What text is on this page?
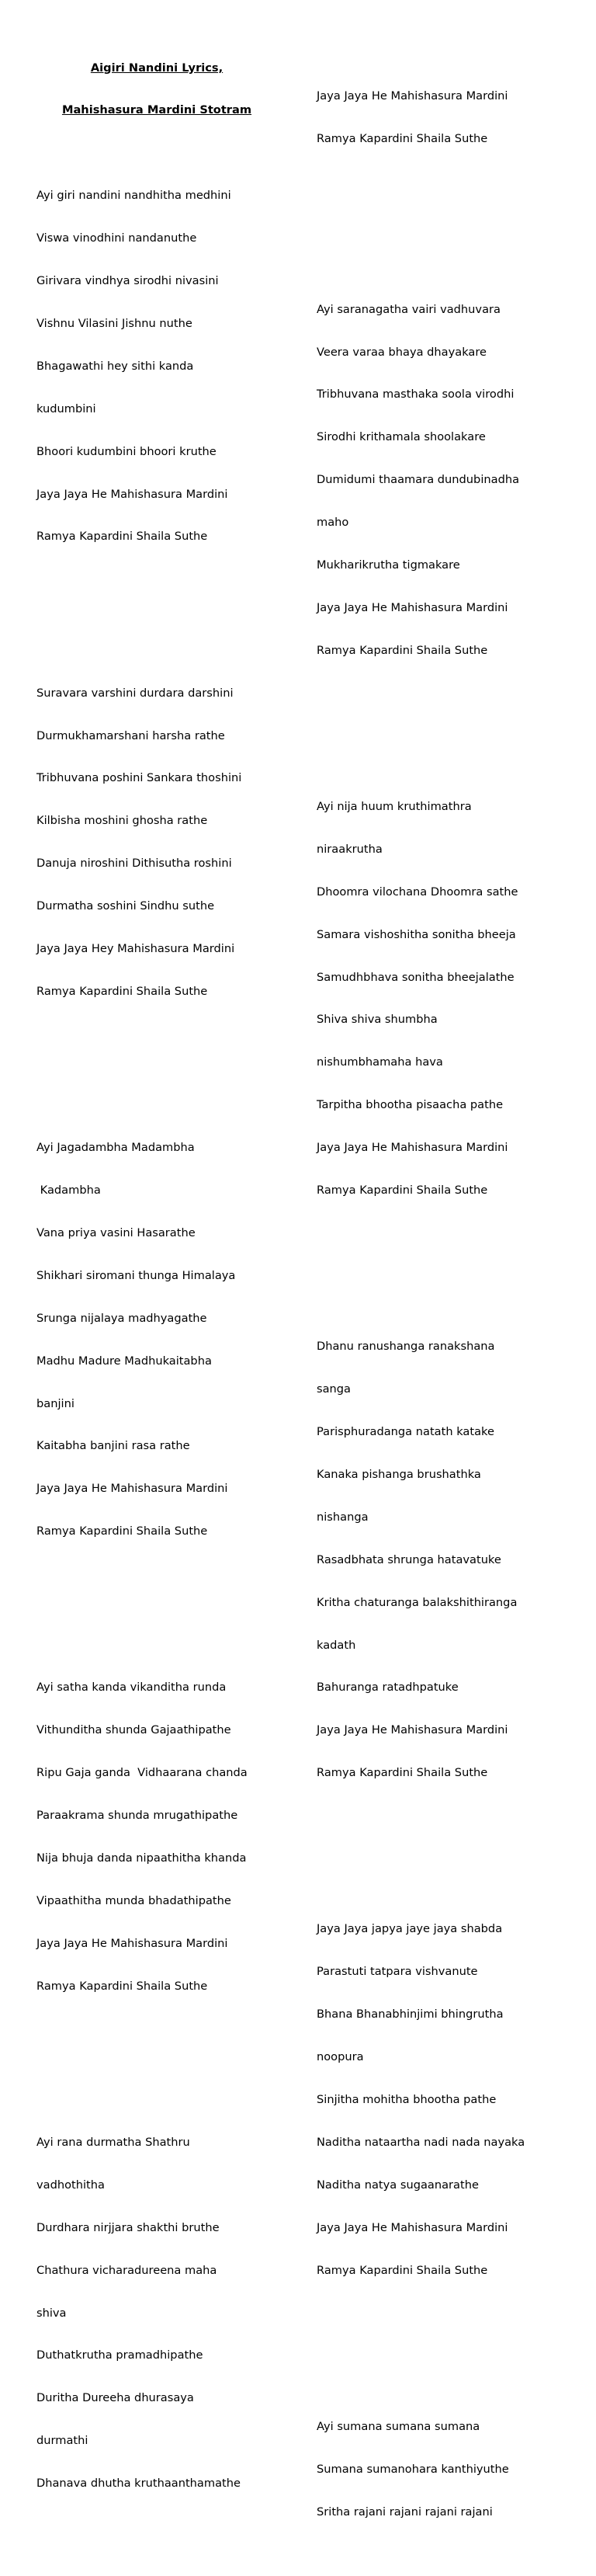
Aigiri Nandini Lyrics,

Mahishasura Mardini Stotram

Ayi giri nandini nandhitha medhini

Viswa vinodhini nandanuthe

Girivara vindhya sirodhi nivasini

Vishnu Vilasini Jishnu nuthe

Bhagawathi hey sithi kanda

kudumbini

Bhoori kudumbini bhoori kruthe

Jaya Jaya He Mahishasura Mardini

Ramya Kapardini Shaila Suthe

Suravara varshini durdara darshini

Durmukhamarshani harsha rathe

Tribhuvana poshini Sankara thoshini

Kilbisha moshini ghosha rathe

Danuja niroshini Dithisutha roshini

Durmatha soshini Sindhu suthe

Jaya Jaya Hey Mahishasura Mardini

Ramya Kapardini Shaila Suthe

Ayi Jagadambha Madambha

Kadambha

Vana priya vasini Hasarathe

Shikhari siromani thunga Himalaya

Srunga nijalaya madhyagathe

Madhu Madure Madhukaitabha

banjini

Kaitabha banjini rasa rathe

Jaya Jaya He Mahishasura Mardini

Ramya Kapardini Shaila Suthe

Ayi satha kanda vikanditha runda

Vithunditha shunda Gajaathipathe

Ripu Gaja ganda  Vidhaarana chanda

Paraakrama shunda mrugathipathe

Nija bhuja danda nipaathitha khanda

Vipaathitha munda bhadathipathe

Jaya Jaya He Mahishasura Mardini

Ramya Kapardini Shaila Suthe

Ayi rana durmatha Shathru

vadhothitha

Durdhara nirjjara shakthi bruthe

Chathura vicharadureena maha

shiva

Duthatkrutha pramadhipathe

Duritha Dureeha dhurasaya

durmathi

Dhanava dhutha kruthaanthamathe

Jaya Jaya He Mahishasura Mardini

Ramya Kapardini Shaila Suthe

Ayi saranagatha vairi vadhuvara

Veera varaa bhaya dhayakare

Tribhuvana masthaka soola virodhi

Sirodhi krithamala shoolakare

Dumidumi thaamara dundubinadha

maho

Mukharikrutha tigmakare

Jaya Jaya He Mahishasura Mardini

Ramya Kapardini Shaila Suthe

Ayi nija huum kruthimathra

niraakrutha

Dhoomra vilochana Dhoomra sathe

Samara vishoshitha sonitha bheeja

Samudhbhava sonitha bheejalathe

Shiva shiva shumbha

nishumbhamaha hava

Tarpitha bhootha pisaacha pathe

Jaya Jaya He Mahishasura Mardini

Ramya Kapardini Shaila Suthe

Dhanu ranushanga ranakshana

sanga

Parisphuradanga natath katake

Kanaka pishanga brushathka

nishanga

Rasadbhata shrunga hatavatuke

Kritha chaturanga balakshithiranga

kadath

Bahuranga ratadhpatuke

Jaya Jaya He Mahishasura Mardini

Ramya Kapardini Shaila Suthe

Jaya Jaya japya jaye jaya shabda

Parastuti tatpara vishvanute

Bhana Bhanabhinjimi bhingrutha

noopura

Sinjitha mohitha bhootha pathe

Naditha nataartha nadi nada nayaka

Naditha natya sugaanarathe

Jaya Jaya He Mahishasura Mardini

Ramya Kapardini Shaila Suthe

Ayi sumana sumana sumana

Sumana sumanohara kanthiyuthe

Sritha rajani rajani rajani rajani
